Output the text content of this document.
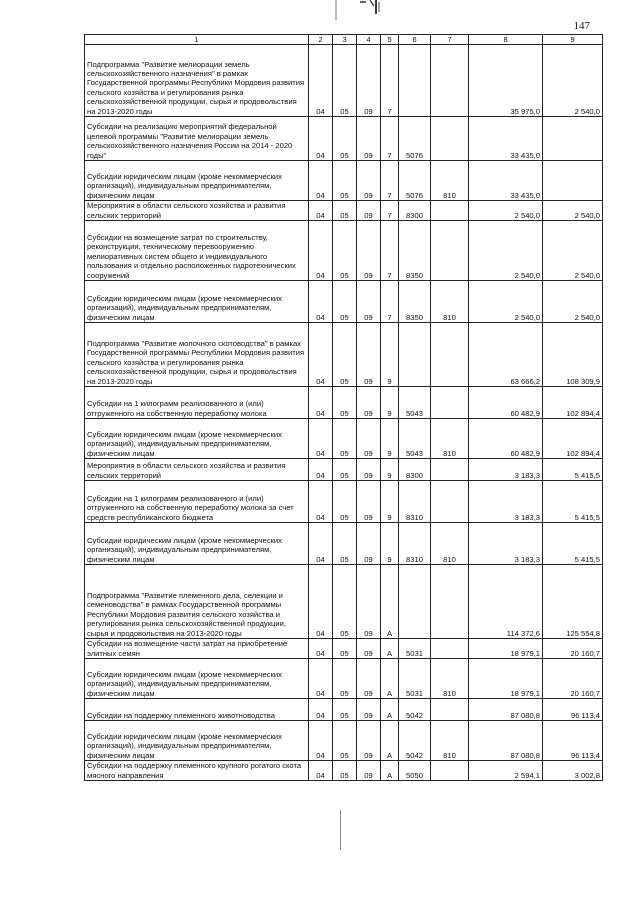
147
1	2	3	4	5	6	7	8	9
Подпрограмма "Развитие мелиорации земель сельскохозяйственного назначения" в рамках Государственной программы Республики Мордовия развития сельского хозяйства и регулирования рынка сельскохозяйственной продукции, сырья и продовольствия на 2013-2020 годы	04	05	09	7			35 975,0	2 540,0
Субсидии на реализацию мероприятий федеральной целевой программы "Развитие мелиорации земель сельскохозяйственного назначения России на 2014 - 2020 годы"	04	05	09	7	5076		33 435,0	
Субсидии юридическим лицам (кроме некоммерческих организаций), индивидуальным предпринимателям, физическим лицам	04	05	09	7	5076	810	33 435,0	
Мероприятия в области сельского хозяйства и развития сельских территорий	04	05	09	7	8300		2 540,0	2 540,0
Субсидии на возмещение затрат по строительству, реконструкции, техническому перевооружению мелиоративных систем общего и индивидуального пользования и отдельно расположенных гидротехнических сооружений	04	05	09	7	8350		2 540,0	2 540,0
Субсидии юридическим лицам (кроме некоммерческих организаций), индивидуальным предпринимателям, физическим лицам	04	05	09	7	8350	810	2 540,0	2 540,0
Подпрограмма "Развитие молочного скотоводства" в рамках Государственной программы Республики Мордовия развития сельского хозяйства и регулирования рынка сельскохозяйственной продукции, сырья и продовольствия на 2013-2020 годы	04	05	09	9			63 666,2	108 309,9
Субсидии на 1 килограмм реализованного и (или) отгруженного на собственную переработку молока	04	05	09	9	5043		60 482,9	102 894,4
Субсидии юридическим лицам (кроме некоммерческих организаций), индивидуальным предпринимателям, физическим лицам	04	05	09	9	5043	810	60 482,9	102 894,4
Мероприятия в области сельского хозяйства и развития сельских территорий	04	05	09	9	8300		3 183,3	5 415,5
Субсидии на 1 килограмм реализованного и (или) отгруженного на собственную переработку молока за счет средств республиканского бюджета	04	05	09	9	8310		3 183,3	5 415,5
Субсидии юридическим лицам (кроме некоммерческих организаций), индивидуальным предпринимателям, физическим лицам	04	05	09	9	8310	810	3 183,3	5 415,5
Подпрограмма "Развитие племенного дела, селекции и семеноводства" в рамках Государственной программы Республики Мордовия развития сельского хозяйства и регулирования рынка сельскохозяйственной продукции, сырья и продовольствия на 2013-2020 годы	04	05	09	А			114 372,6	125 554,8
Субсидии на возмещение части затрат на приобретение элитных семян	04	05	09	А	5031		18 979,1	20 160,7
Субсидии юридическим лицам (кроме некоммерческих организаций), индивидуальным предпринимателям, физическим лицам	04	05	09	А	5031	810	18 979,1	20 160,7
Субсидии на поддержку племенного животноводства	04	05	09	А	5042		87 080,8	96 113,4
Субсидии юридическим лицам (кроме некоммерческих организаций), индивидуальным предпринимателям, физическим лицам	04	05	09	А	5042	810	87 080,8	96 113,4
Субсидии на поддержку племенного крупного рогатого скота мясного направления	04	05	09	А	5050		2 594,1	3 002,8
